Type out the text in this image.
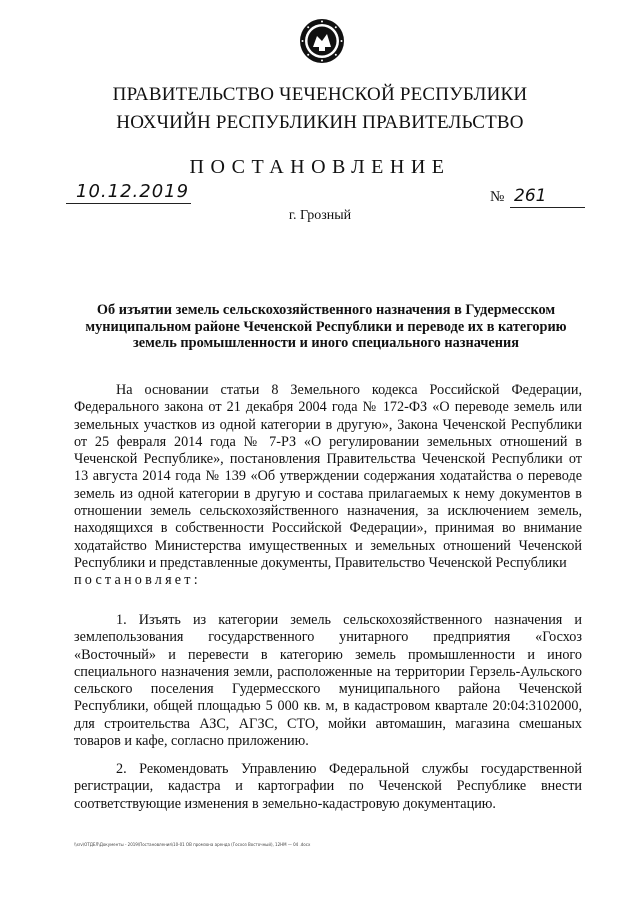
ПРАВИТЕЛЬСТВО ЧЕЧЕНСКОЙ РЕСПУБЛИКИ
НОХЧИЙН РЕСПУБЛИКИН ПРАВИТЕЛЬСТВО
ПОСТАНОВЛЕНИЕ
10.12.2019	№ 261
г. Грозный
Об изъятии земель сельскохозяйственного назначения в Гудермесском муниципальном районе Чеченской Республики и переводе их в категорию земель промышленности и иного специального назначения
На основании статьи 8 Земельного кодекса Российской Федерации, Федерального закона от 21 декабря 2004 года № 172-ФЗ «О переводе земель или земельных участков из одной категории в другую», Закона Чеченской Республики от 25 февраля 2014 года № 7-РЗ «О регулировании земельных отношений в Чеченской Республике», постановления Правительства Чеченской Республики от 13 августа 2014 года № 139 «Об утверждении содержания ходатайства о переводе земель из одной категории в другую и состава прилагаемых к нему документов в отношении земель сельскохозяйственного назначения, за исключением земель, находящихся в собственности Российской Федерации», принимая во внимание ходатайство Министерства имущественных и земельных отношений Чеченской Республики и представленные документы, Правительство Чеченской Республики
постановляет:
1. Изъять из категории земель сельскохозяйственного назначения и землепользования государственного унитарного предприятия «Госхоз «Восточный» и перевести в категорию земель промышленности и иного специального назначения земли, расположенные на территории Герзель-Аульского сельского поселения Гудермесского муниципального района Чеченской Республики, общей площадью 5 000 кв. м, в кадастровом квартале 20:04:3102000, для строительства АЗС, АГЗС, СТО, мойки автомашин, магазина смешаных товаров и кафе, согласно приложению.
2. Рекомендовать Управлению Федеральной службы государственной регистрации, кадастра и картографии по Чеченской Республике внести соответствующие изменения в земельно-кадастровую документацию.
\\srv\ОТДЕЛ\Документы - 2019\Постановления\10-01 ОВ промзона аренда (Госхоз Восточный), 12НМ — 04 .docx
